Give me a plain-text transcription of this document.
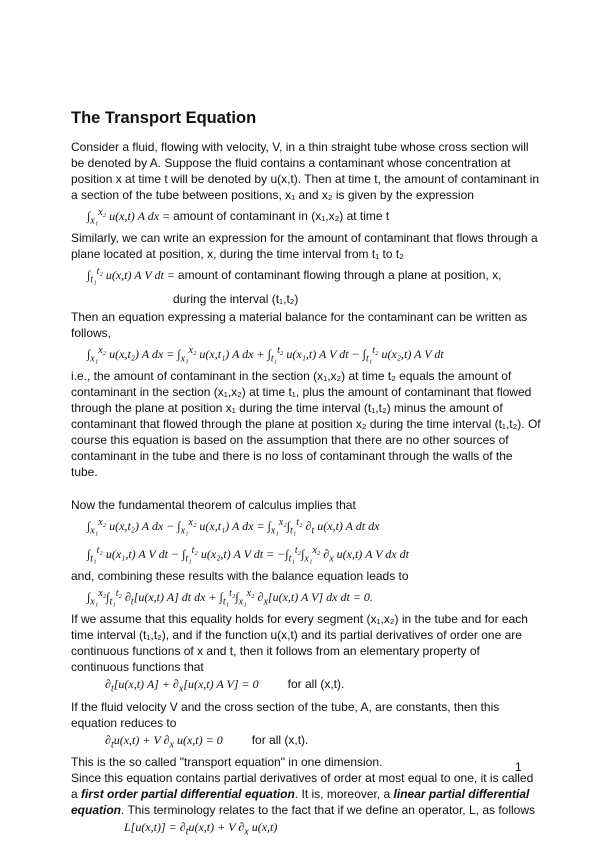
The Transport Equation

Consider a fluid, flowing with velocity, V, in a thin straight tube whose cross section will be denoted by A. Suppose the fluid contains a contaminant whose concentration at position x at time t will be denoted by u(x,t). Then at time t, the amount of contaminant in a section of the tube between positions, x₁ and x₂ is given by the expression

$\int_{x_1}^{x_2}$ u(x,t) A dx = amount of contaminant in (x₁,x₂) at time t

Similarly, we can write an expression for the amount of contaminant that flows through a plane located at position, x, during the time interval from t₁ to t₂

$\int_{t_1}^{t_2}$ u(x,t) A V dt = amount of contaminant flowing through a plane at position, x,
during the interval (t₁,t₂)

Then an equation expressing a material balance for the contaminant can be written as follows,

$\int_{x_1}^{x_2}$ u(x,t₂) A dx = $\int_{x_1}^{x_2}$ u(x,t₁) A dx + $\int_{t_1}^{t_2}$ u(x₁,t) A V dt − $\int_{t_1}^{t_2}$ u(x₂,t) A V dt

i.e., the amount of contaminant in the section (x₁,x₂) at time t₂ equals the amount of contaminant in the section (x₁,x₂) at time t₁, plus the amount of contaminant that flowed through the plane at position x₁ during the time interval (t₁,t₂) minus the amount of contaminant that flowed through the plane at position x₂ during the time interval (t₁,t₂). Of course this equation is based on the assumption that there are no other sources of contaminant in the tube and there is no loss of contaminant through the walls of the tube.

Now the fundamental theorem of calculus implies that

$\int_{x_1}^{x_2}$ u(x,t₂) A dx − $\int_{x_1}^{x_2}$ u(x,t₁) A dx = $\int_{x_1}^{x_2}\int_{t_1}^{t_2}$ $\partial_t$ u(x,t) A dt dx
$\int_{t_1}^{t_2}$ u(x₁,t) A V dt − $\int_{t_1}^{t_2}$ u(x₂,t) A V dt = $-\int_{t_1}^{t_2}\int_{x_1}^{x_2}$ $\partial_x$ u(x,t) A V dx dt

and, combining these results with the balance equation leads to

$\int_{x_1}^{x_2}\int_{t_1}^{t_2}$ $\partial_t[u(x,t)$ A] dt dx + $\int_{t_1}^{t_2}\int_{x_1}^{x_2}$ $\partial_x[u(x,t)$ A V] dx dt = 0.

If we assume that this equality holds for every segment (x₁,x₂) in the tube and for each time interval (t₁,t₂), and if the function u(x,t) and its partial derivatives of order one are continuous functions of x and t, then it follows from an elementary property of continuous functions that

$\partial_t[u(x,t) A] + \partial_x[u(x,t)$ A V] = 0 for all (x,t).

If the fluid velocity V and the cross section of the tube, A, are constants, then this equation reduces to

$\partial_tu(x,t) + V$ $\partial_x$ u(x,t) = 0 for all (x,t).

This is the so called "transport equation" in one dimension.

Since this equation contains partial derivatives of order at most equal to one, it is called a first order partial differential equation. It is, moreover, a linear partial differential equation. This terminology relates to the fact that if we define an operator, L, as follows

$L[u(x,t)] = \partial_tu(x,t) + V$ $\partial_x$ u(x,t)
1
